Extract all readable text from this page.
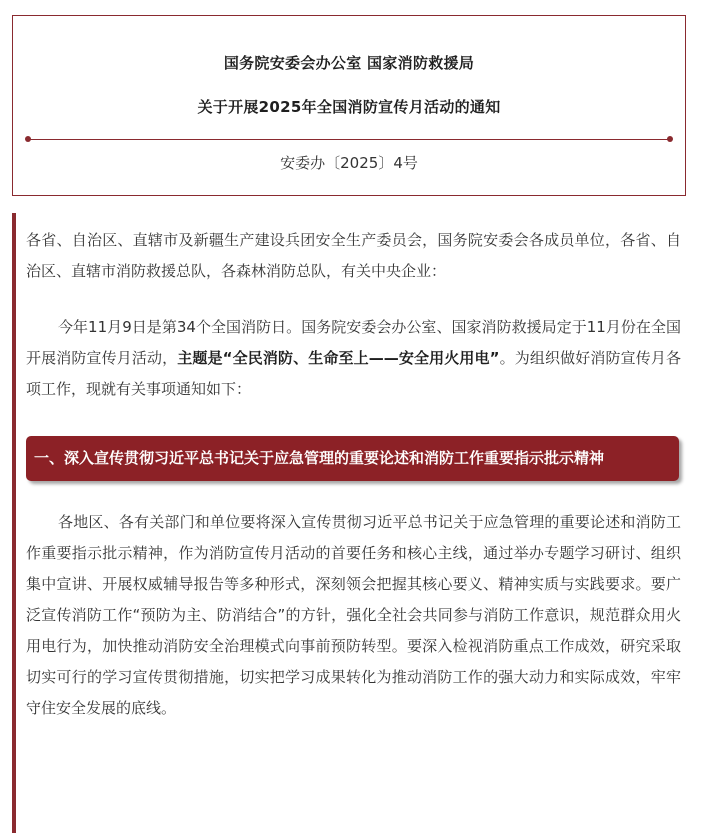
国务院安委会办公室 国家消防救援局
关于开展2025年全国消防宣传月活动的通知
安委办〔2025〕4号

各省、自治区、直辖市及新疆生产建设兵团安全生产委员会，国务院安委会各成员单位，各省、自治区、直辖市消防救援总队，各森林消防总队，有关中央企业：

今年11月9日是第34个全国消防日。国务院安委会办公室、国家消防救援局定于11月份在全国开展消防宣传月活动，主题是“全民消防、生命至上——安全用火用电”。为组织做好消防宣传月各项工作，现就有关事项通知如下：

一、深入宣传贯彻习近平总书记关于应急管理的重要论述和消防工作重要指示批示精神

各地区、各有关部门和单位要将深入宣传贯彻习近平总书记关于应急管理的重要论述和消防工作重要指示批示精神，作为消防宣传月活动的首要任务和核心主线，通过举办专题学习研讨、组织集中宣讲、开展权威辅导报告等多种形式，深刻领会把握其核心要义、精神实质与实践要求。要广泛宣传消防工作“预防为主、防消结合”的方针，强化全社会共同参与消防工作意识，规范群众用火用电行为，加快推动消防安全治理模式向事前预防转型。要深入检视消防重点工作成效，研究采取切实可行的学习宣传贯彻措施，切实把学习成果转化为推动消防工作的强大动力和实际成效，牢牢守住安全发展的底线。
